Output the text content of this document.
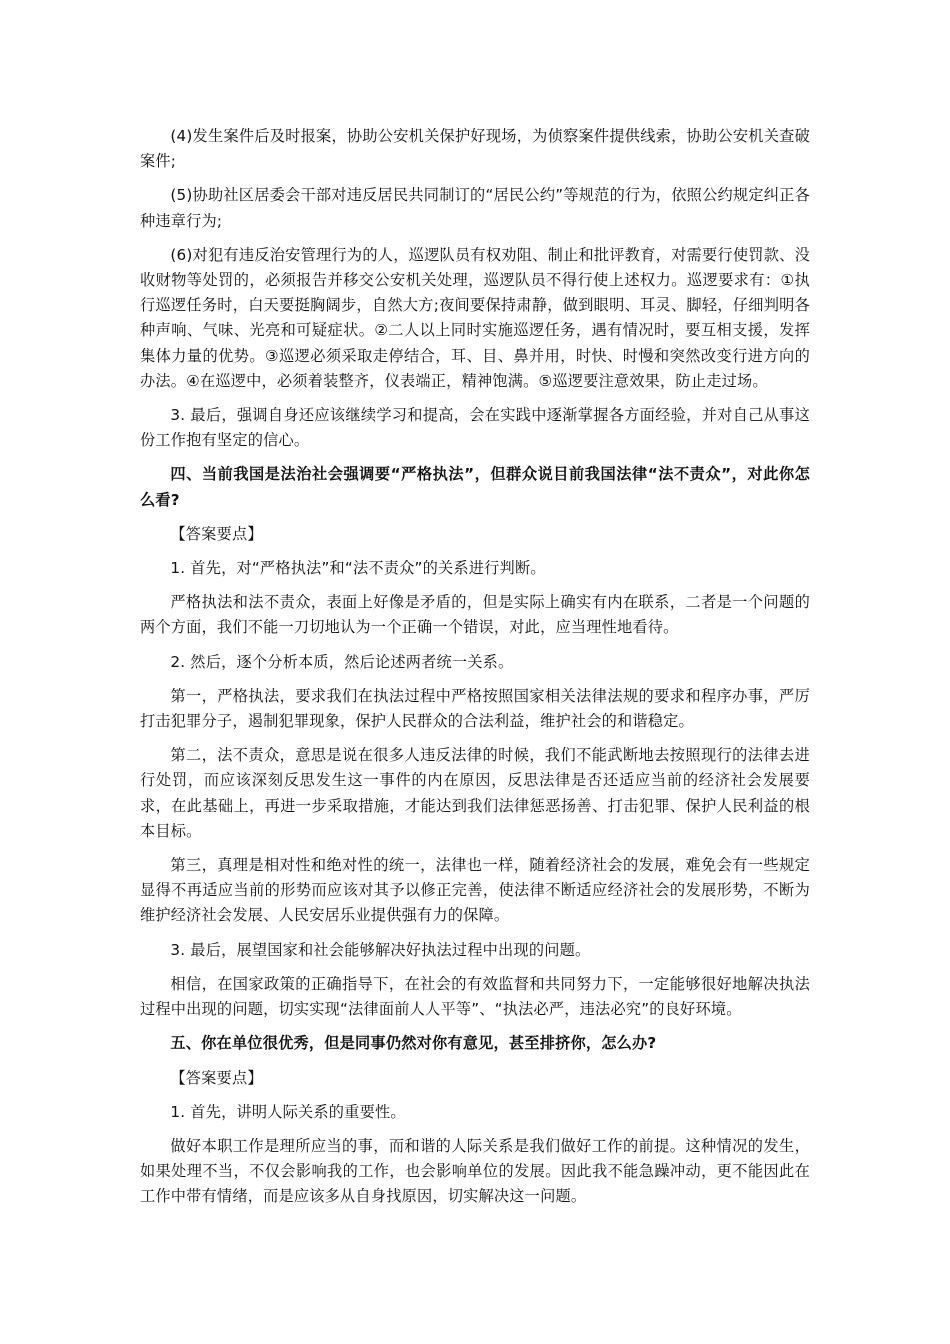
(4)发生案件后及时报案，协助公安机关保护好现场，为侦察案件提供线索，协助公安机关查破案件;

(5)协助社区居委会干部对违反居民共同制订的“居民公约”等规范的行为，依照公约规定纠正各种违章行为;

(6)对犯有违反治安管理行为的人，巡逻队员有权劝阻、制止和批评教育，对需要行使罚款、没收财物等处罚的，必须报告并移交公安机关处理，巡逻队员不得行使上述权力。巡逻要求有：①执行巡逻任务时，白天要挺胸阔步，自然大方;夜间要保持肃静，做到眼明、耳灵、脚轻，仔细判明各种声响、气味、光亮和可疑症状。②二人以上同时实施巡逻任务，遇有情况时，要互相支援，发挥集体力量的优势。③巡逻必须采取走停结合，耳、目、鼻并用，时快、时慢和突然改变行进方向的办法。④在巡逻中，必须着装整齐，仪表端正，精神饱满。⑤巡逻要注意效果，防止走过场。

3. 最后，强调自身还应该继续学习和提高，会在实践中逐渐掌握各方面经验，并对自己从事这份工作抱有坚定的信心。

四、当前我国是法治社会强调要“严格执法”，但群众说目前我国法律“法不责众”，对此你怎么看?

【答案要点】

1. 首先，对“严格执法”和“法不责众”的关系进行判断。

严格执法和法不责众，表面上好像是矛盾的，但是实际上确实有内在联系，二者是一个问题的两个方面，我们不能一刀切地认为一个正确一个错误，对此，应当理性地看待。

2. 然后，逐个分析本质，然后论述两者统一关系。

第一，严格执法，要求我们在执法过程中严格按照国家相关法律法规的要求和程序办事，严厉打击犯罪分子，遏制犯罪现象，保护人民群众的合法利益，维护社会的和谐稳定。

第二，法不责众，意思是说在很多人违反法律的时候，我们不能武断地去按照现行的法律去进行处罚，而应该深刻反思发生这一事件的内在原因，反思法律是否还适应当前的经济社会发展要求，在此基础上，再进一步采取措施，才能达到我们法律惩恶扬善、打击犯罪、保护人民利益的根本目标。

第三，真理是相对性和绝对性的统一，法律也一样，随着经济社会的发展，难免会有一些规定显得不再适应当前的形势而应该对其予以修正完善，使法律不断适应经济社会的发展形势，不断为维护经济社会发展、人民安居乐业提供强有力的保障。

3. 最后，展望国家和社会能够解决好执法过程中出现的问题。

相信，在国家政策的正确指导下，在社会的有效监督和共同努力下，一定能够很好地解决执法过程中出现的问题，切实实现“法律面前人人平等”、“执法必严，违法必究”的良好环境。

五、你在单位很优秀，但是同事仍然对你有意见，甚至排挤你，怎么办?

【答案要点】

1. 首先，讲明人际关系的重要性。

做好本职工作是理所应当的事，而和谐的人际关系是我们做好工作的前提。这种情况的发生，如果处理不当，不仅会影响我的工作，也会影响单位的发展。因此我不能急躁冲动，更不能因此在工作中带有情绪，而是应该多从自身找原因，切实解决这一问题。
